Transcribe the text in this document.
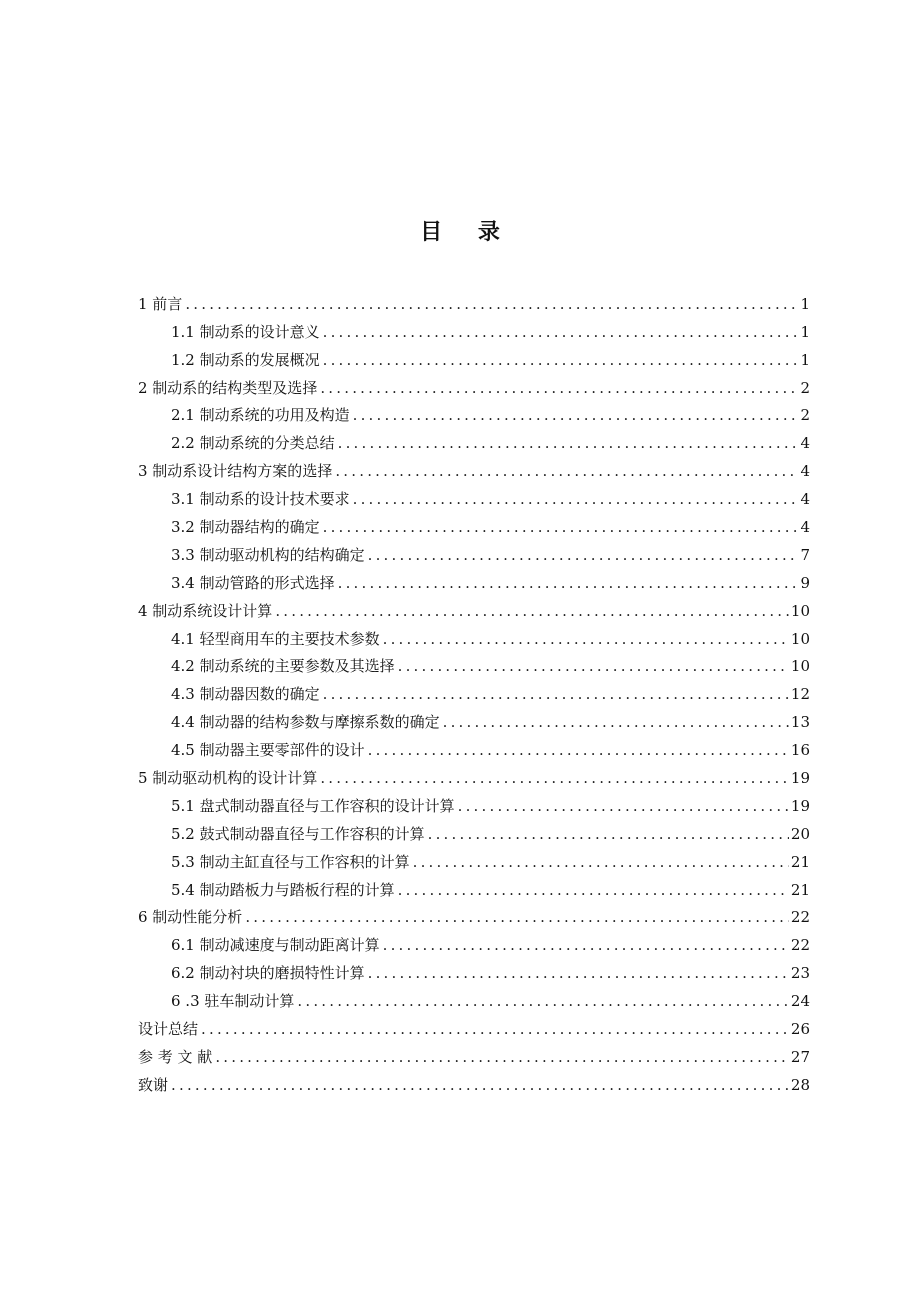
目 录
1 前言 .....	1
1.1 制动系的设计意义 .....	1
1.2 制动系的发展概况 .....	1
2 制动系的结构类型及选择 .....	2
2.1 制动系统的功用及构造 .....	2
2.2 制动系统的分类总结 .....	4
3 制动系设计结构方案的选择 .....	4
3.1 制动系的设计技术要求 .....	4
3.2 制动器结构的确定 .....	4
3.3 制动驱动机构的结构确定 .....	7
3.4 制动管路的形式选择 .....	9
4 制动系统设计计算 .....	10
4.1 轻型商用车的主要技术参数 .....	10
4.2 制动系统的主要参数及其选择 .....	10
4.3 制动器因数的确定 .....	12
4.4 制动器的结构参数与摩擦系数的确定 .....	13
4.5 制动器主要零部件的设计 .....	16
5 制动驱动机构的设计计算 .....	19
5.1 盘式制动器直径与工作容积的设计计算 .....	19
5.2 鼓式制动器直径与工作容积的计算 .....	20
5.3 制动主缸直径与工作容积的计算 .....	21
5.4 制动踏板力与踏板行程的计算 .....	21
6 制动性能分析 .....	22
6.1 制动减速度与制动距离计算 .....	22
6.2 制动衬块的磨损特性计算 .....	23
6 .3 驻车制动计算 .....	24
设计总结 .....	26
参 考 文 献 .....	27
致谢 .....	28
